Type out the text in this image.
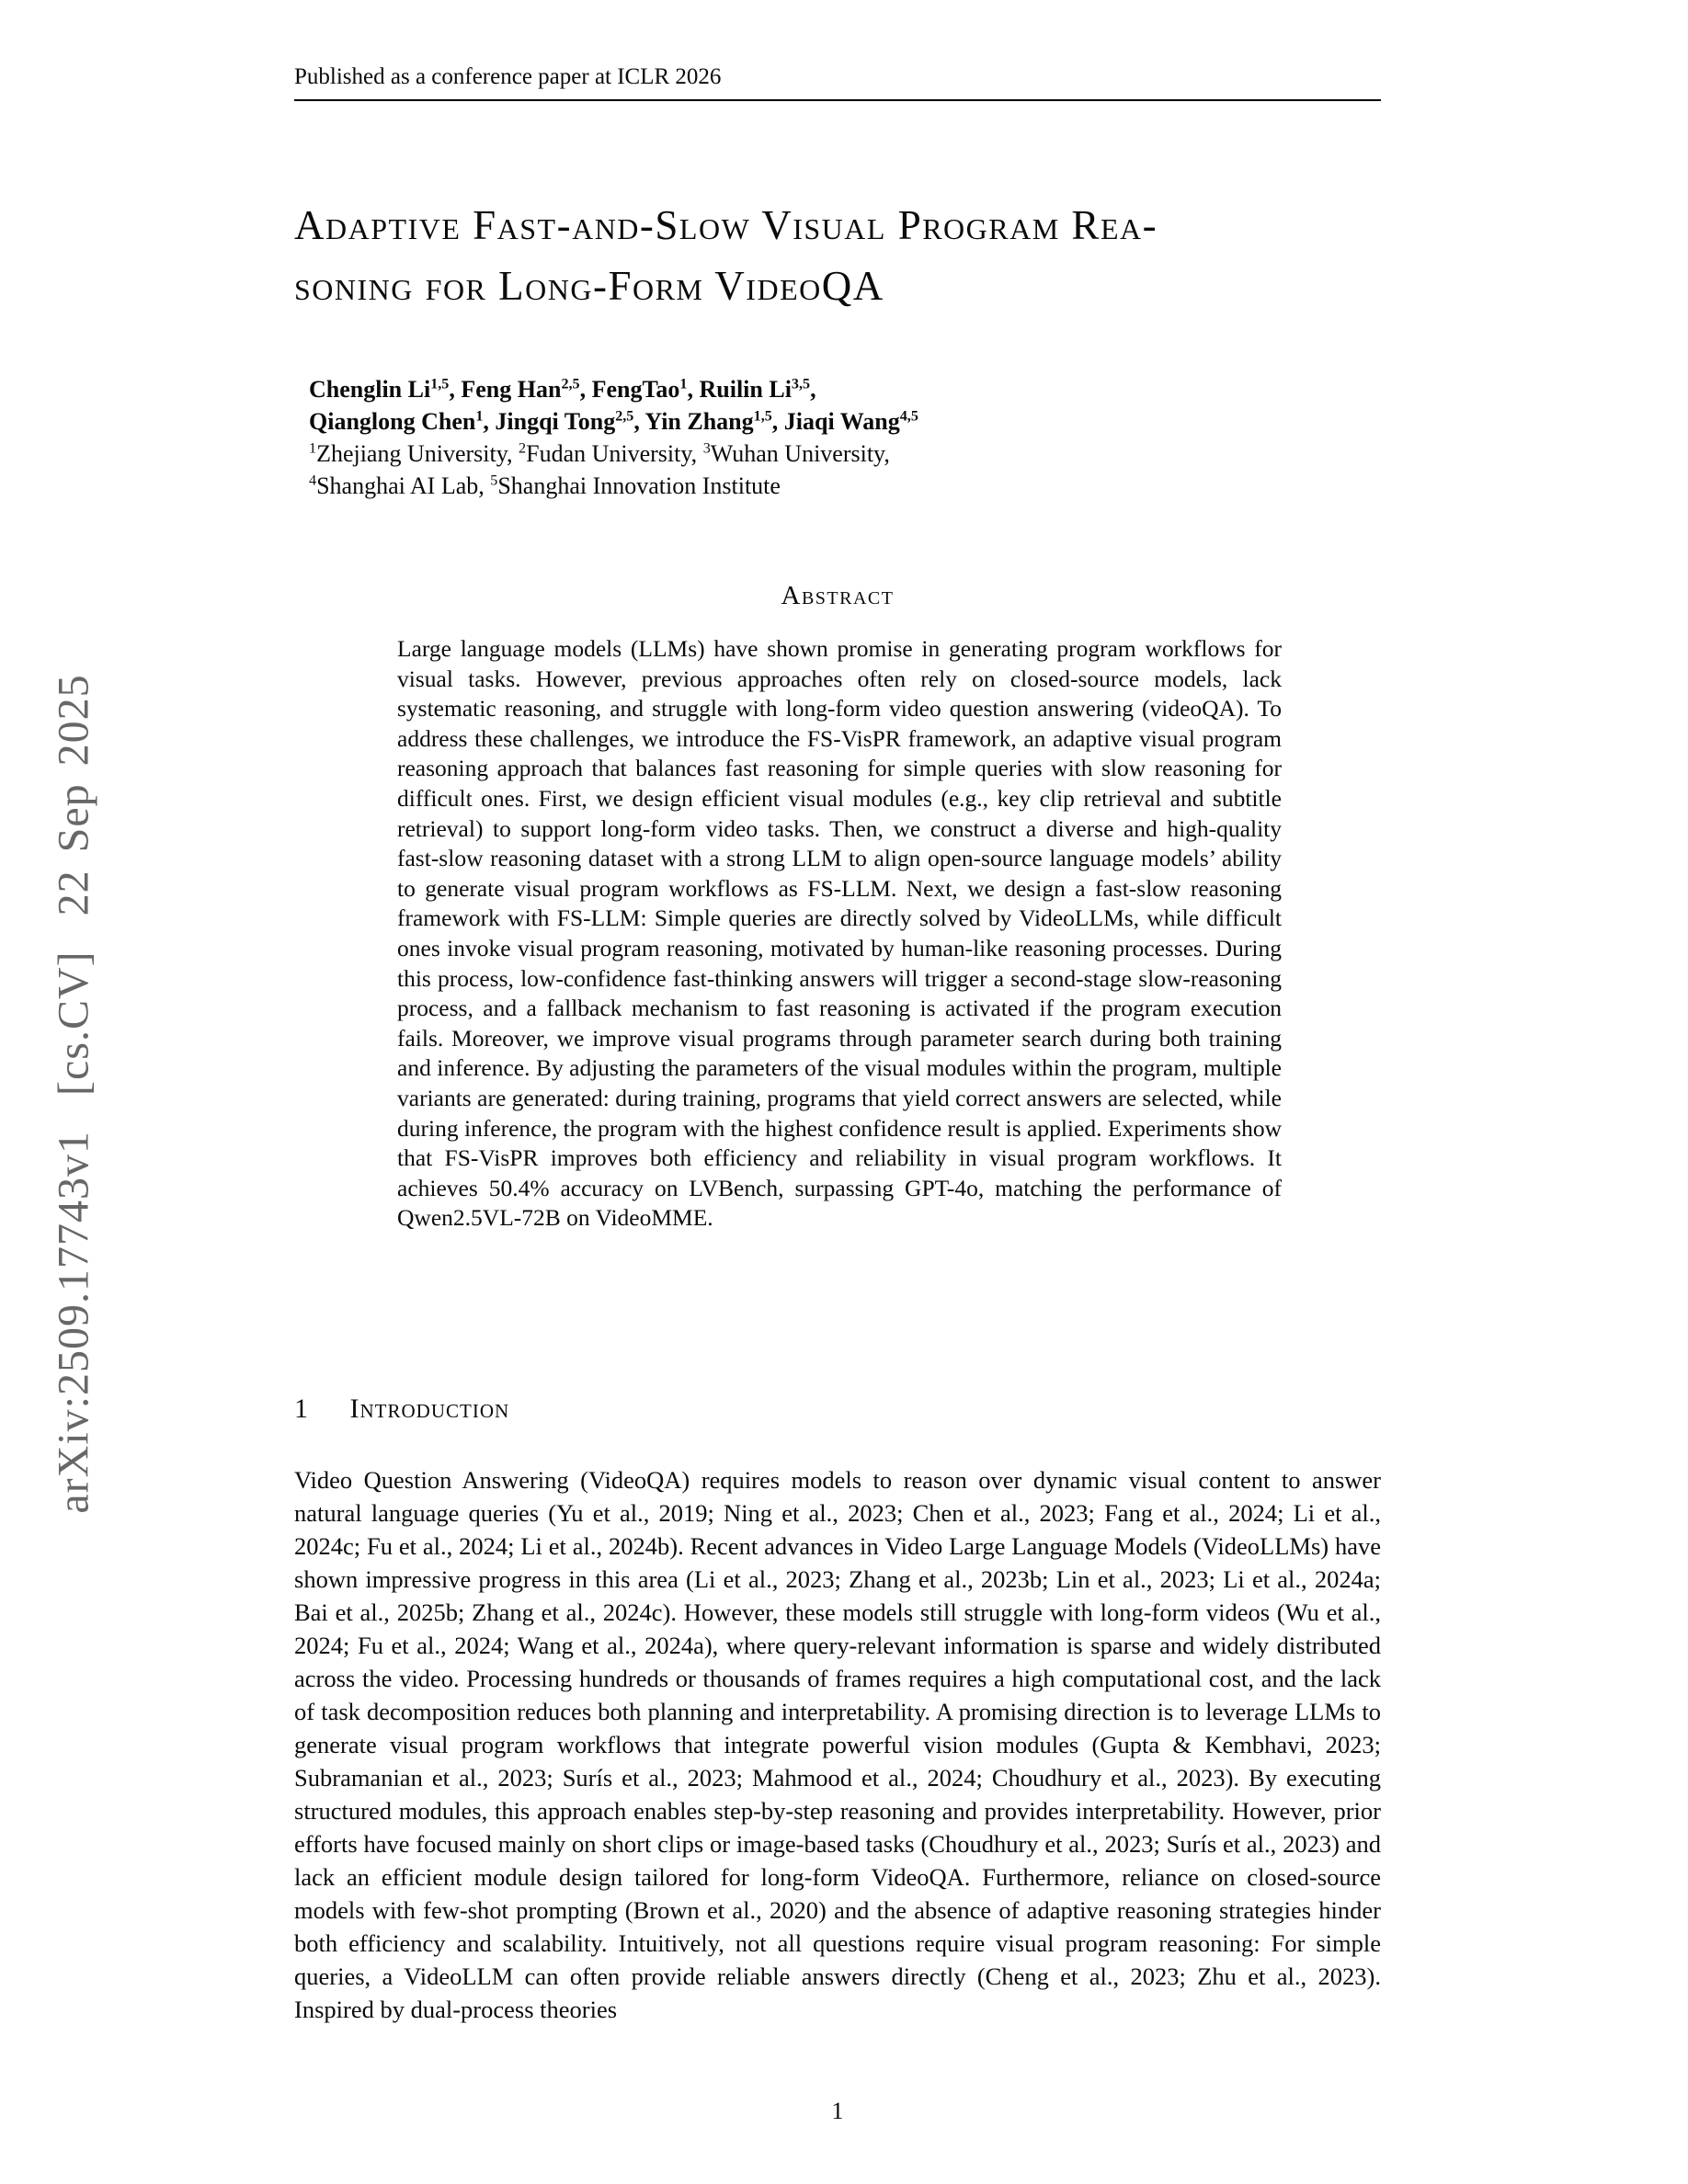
arXiv:2509.17743v1  [cs.CV]  22 Sep 2025
Published as a conference paper at ICLR 2026
Adaptive Fast-and-Slow Visual Program Rea-
soning for Long-Form VideoQA
Chenglin Li$^{1,5}$, Feng Han$^{2,5}$, FengTao$^1$, Ruilin Li$^{3,5}$,
Qianglong Chen$^1$, Jingqi Tong$^{2,5}$, Yin Zhang$^{1,5}$, Jiaqi Wang$^{4,5}$
$^1$Zhejiang University, $^2$Fudan University, $^3$Wuhan University,
$^4$Shanghai AI Lab, $^5$Shanghai Innovation Institute
Abstract
Large language models (LLMs) have shown promise in generating program workflows for visual tasks. However, previous approaches often rely on closed-source models, lack systematic reasoning, and struggle with long-form video question answering (videoQA). To address these challenges, we introduce the FS-VisPR framework, an adaptive visual program reasoning approach that balances fast reasoning for simple queries with slow reasoning for difficult ones. First, we design efficient visual modules (e.g., key clip retrieval and subtitle retrieval) to support long-form video tasks. Then, we construct a diverse and high-quality fast-slow reasoning dataset with a strong LLM to align open-source language models’ ability to generate visual program workflows as FS-LLM. Next, we design a fast-slow reasoning framework with FS-LLM: Simple queries are directly solved by VideoLLMs, while difficult ones invoke visual program reasoning, motivated by human-like reasoning processes. During this process, low-confidence fast-thinking answers will trigger a second-stage slow-reasoning process, and a fallback mechanism to fast reasoning is activated if the program execution fails. Moreover, we improve visual programs through parameter search during both training and inference. By adjusting the parameters of the visual modules within the program, multiple variants are generated: during training, programs that yield correct answers are selected, while during inference, the program with the highest confidence result is applied. Experiments show that FS-VisPR improves both efficiency and reliability in visual program workflows. It achieves 50.4% accuracy on LVBench, surpassing GPT-4o, matching the performance of Qwen2.5VL-72B on VideoMME.
1 Introduction
Video Question Answering (VideoQA) requires models to reason over dynamic visual content to answer natural language queries (Yu et al., 2019; Ning et al., 2023; Chen et al., 2023; Fang et al., 2024; Li et al., 2024c; Fu et al., 2024; Li et al., 2024b). Recent advances in Video Large Language Models (VideoLLMs) have shown impressive progress in this area (Li et al., 2023; Zhang et al., 2023b; Lin et al., 2023; Li et al., 2024a; Bai et al., 2025b; Zhang et al., 2024c). However, these models still struggle with long-form videos (Wu et al., 2024; Fu et al., 2024; Wang et al., 2024a), where query-relevant information is sparse and widely distributed across the video. Processing hundreds or thousands of frames requires a high computational cost, and the lack of task decomposition reduces both planning and interpretability. A promising direction is to leverage LLMs to generate visual program workflows that integrate powerful vision modules (Gupta & Kembhavi, 2023; Subramanian et al., 2023; Surís et al., 2023; Mahmood et al., 2024; Choudhury et al., 2023). By executing structured modules, this approach enables step-by-step reasoning and provides interpretability. However, prior efforts have focused mainly on short clips or image-based tasks (Choudhury et al., 2023; Surís et al., 2023) and lack an efficient module design tailored for long-form VideoQA. Furthermore, reliance on closed-source models with few-shot prompting (Brown et al., 2020) and the absence of adaptive reasoning strategies hinder both efficiency and scalability. Intuitively, not all questions require visual program reasoning: For simple queries, a VideoLLM can often provide reliable answers directly (Cheng et al., 2023; Zhu et al., 2023). Inspired by dual-process theories
1
